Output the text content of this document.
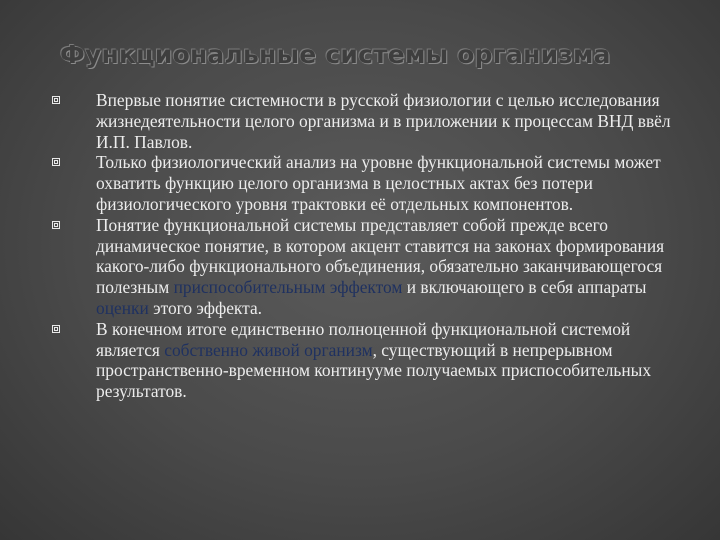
Функциональные системы организма
Впервые понятие системности в русской физиологии с целью исследования жизнедеятельности целого организма и в приложении к процессам ВНД ввёл И.П. Павлов.
Только физиологический анализ на уровне функциональной системы может охватить функцию целого организма в целостных актах без потери физиологического уровня трактовки её отдельных компонентов.
Понятие функциональной системы представляет собой прежде всего динамическое понятие, в котором акцент ставится на законах формирования какого-либо функционального объединения, обязательно заканчивающегося полезным приспособительным эффектом и включающего в себя аппараты оценки этого эффекта.
В конечном итоге единственно полноценной функциональной системой является собственно живой организм, существующий в непрерывном пространственно-временном континууме получаемых приспособительных результатов.
